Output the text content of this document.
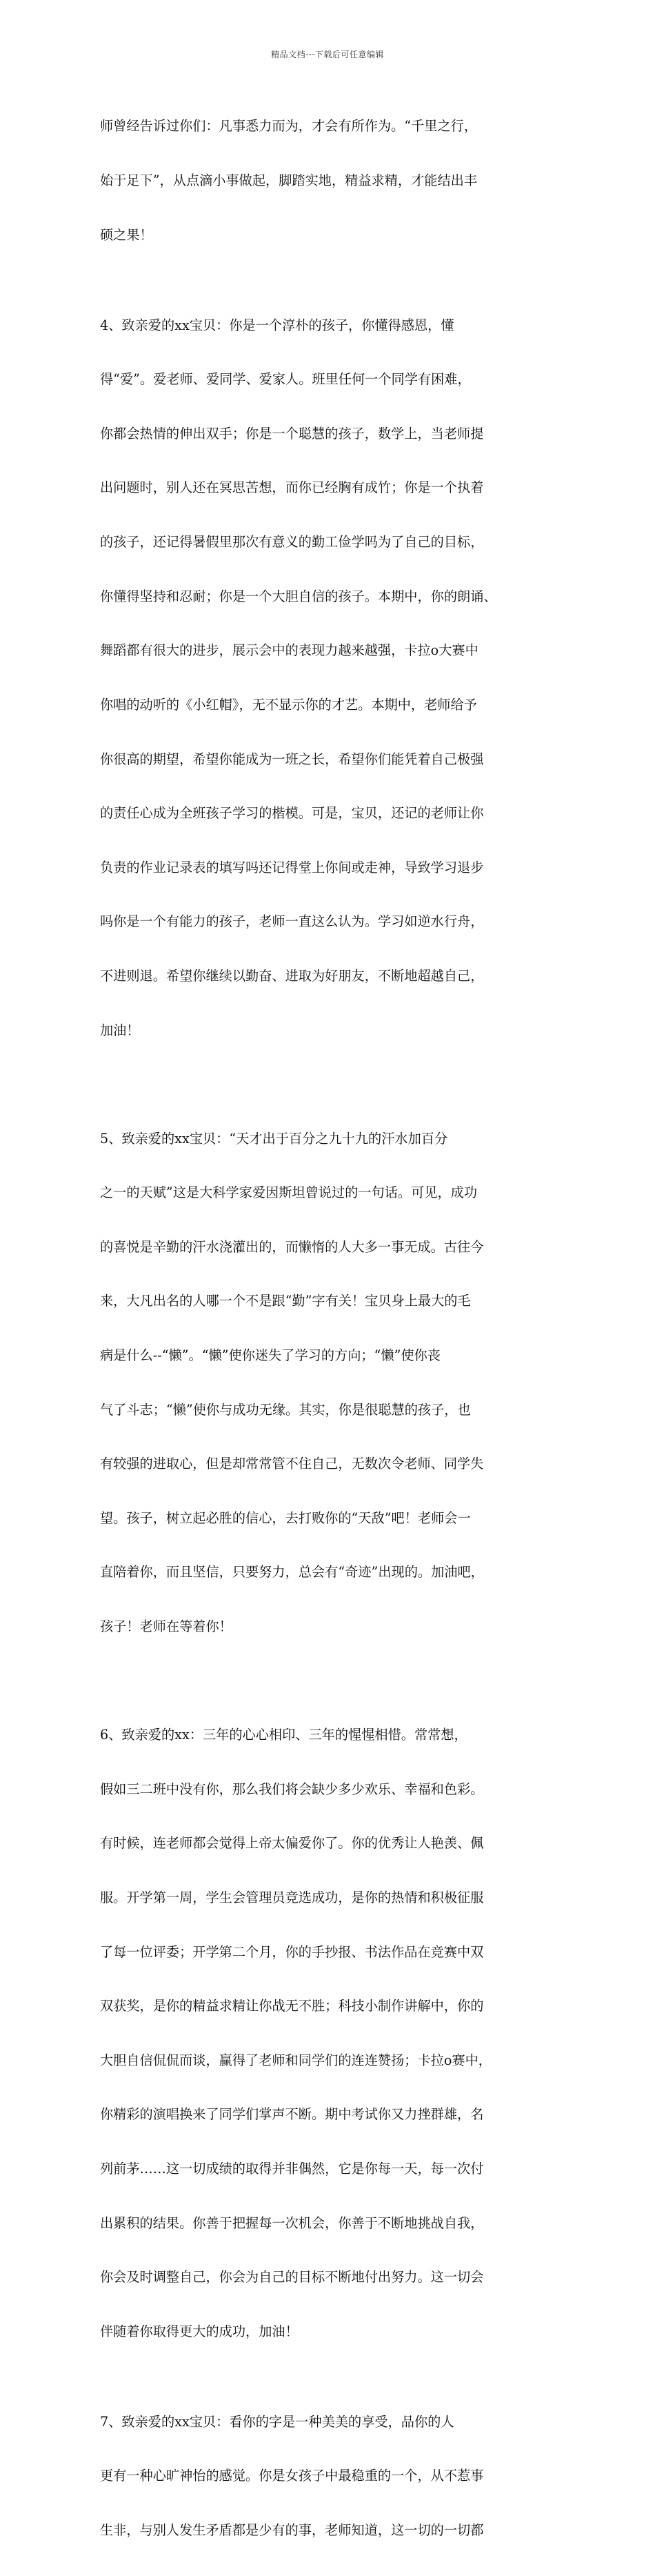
精品文档---下载后可任意编辑

师曾经告诉过你们：凡事悉力而为，才会有所作为。“千里之行，

始于足下”，从点滴小事做起，脚踏实地，精益求精，才能结出丰

硕之果！

4、致亲爱的xx宝贝：你是一个淳朴的孩子，你懂得感恩，懂

得“爱”。爱老师、爱同学、爱家人。班里任何一个同学有困难，

你都会热情的伸出双手；你是一个聪慧的孩子，数学上，当老师提

出问题时，别人还在冥思苦想，而你已经胸有成竹；你是一个执着

的孩子，还记得暑假里那次有意义的勤工俭学吗为了自己的目标，

你懂得坚持和忍耐；你是一个大胆自信的孩子。本期中，你的朗诵、

舞蹈都有很大的进步，展示会中的表现力越来越强，卡拉o大赛中

你唱的动听的《小红帽》，无不显示你的才艺。本期中，老师给予

你很高的期望，希望你能成为一班之长，希望你们能凭着自己极强

的责任心成为全班孩子学习的楷模。可是，宝贝，还记的老师让你

负责的作业记录表的填写吗还记得堂上你间或走神，导致学习退步

吗你是一个有能力的孩子，老师一直这么认为。学习如逆水行舟，

不进则退。希望你继续以勤奋、进取为好朋友，不断地超越自己，

加油！

5、致亲爱的xx宝贝：“天才出于百分之九十九的汗水加百分

之一的天赋”这是大科学家爱因斯坦曾说过的一句话。可见，成功

的喜悦是辛勤的汗水浇灌出的，而懒惰的人大多一事无成。古往今

来，大凡出名的人哪一个不是跟“勤”字有关！宝贝身上最大的毛

病是什么--“懒”。“懒”使你迷失了学习的方向；“懒”使你丧

气了斗志；“懒”使你与成功无缘。其实，你是很聪慧的孩子，也

有较强的进取心，但是却常常管不住自己，无数次令老师、同学失

望。孩子，树立起必胜的信心，去打败你的“天敌”吧！老师会一

直陪着你，而且坚信，只要努力，总会有“奇迹”出现的。加油吧，

孩子！老师在等着你！

6、致亲爱的xx：三年的心心相印、三年的惺惺相惜。常常想，

假如三二班中没有你，那么我们将会缺少多少欢乐、幸福和色彩。

有时候，连老师都会觉得上帝太偏爱你了。你的优秀让人艳羡、佩

服。开学第一周，学生会管理员竞选成功，是你的热情和积极征服

了每一位评委；开学第二个月，你的手抄报、书法作品在竞赛中双

双获奖，是你的精益求精让你战无不胜；科技小制作讲解中，你的

大胆自信侃侃而谈，赢得了老师和同学们的连连赞扬；卡拉o赛中，

你精彩的演唱换来了同学们掌声不断。期中考试你又力挫群雄，名

列前茅……这一切成绩的取得并非偶然，它是你每一天，每一次付

出累积的结果。你善于把握每一次机会，你善于不断地挑战自我，

你会及时调整自己，你会为自己的目标不断地付出努力。这一切会

伴随着你取得更大的成功，加油！

7、致亲爱的xx宝贝：看你的字是一种美美的享受，品你的人

更有一种心旷神怡的感觉。你是女孩子中最稳重的一个，从不惹事

生非，与别人发生矛盾都是少有的事，老师知道，这一切的一切都
